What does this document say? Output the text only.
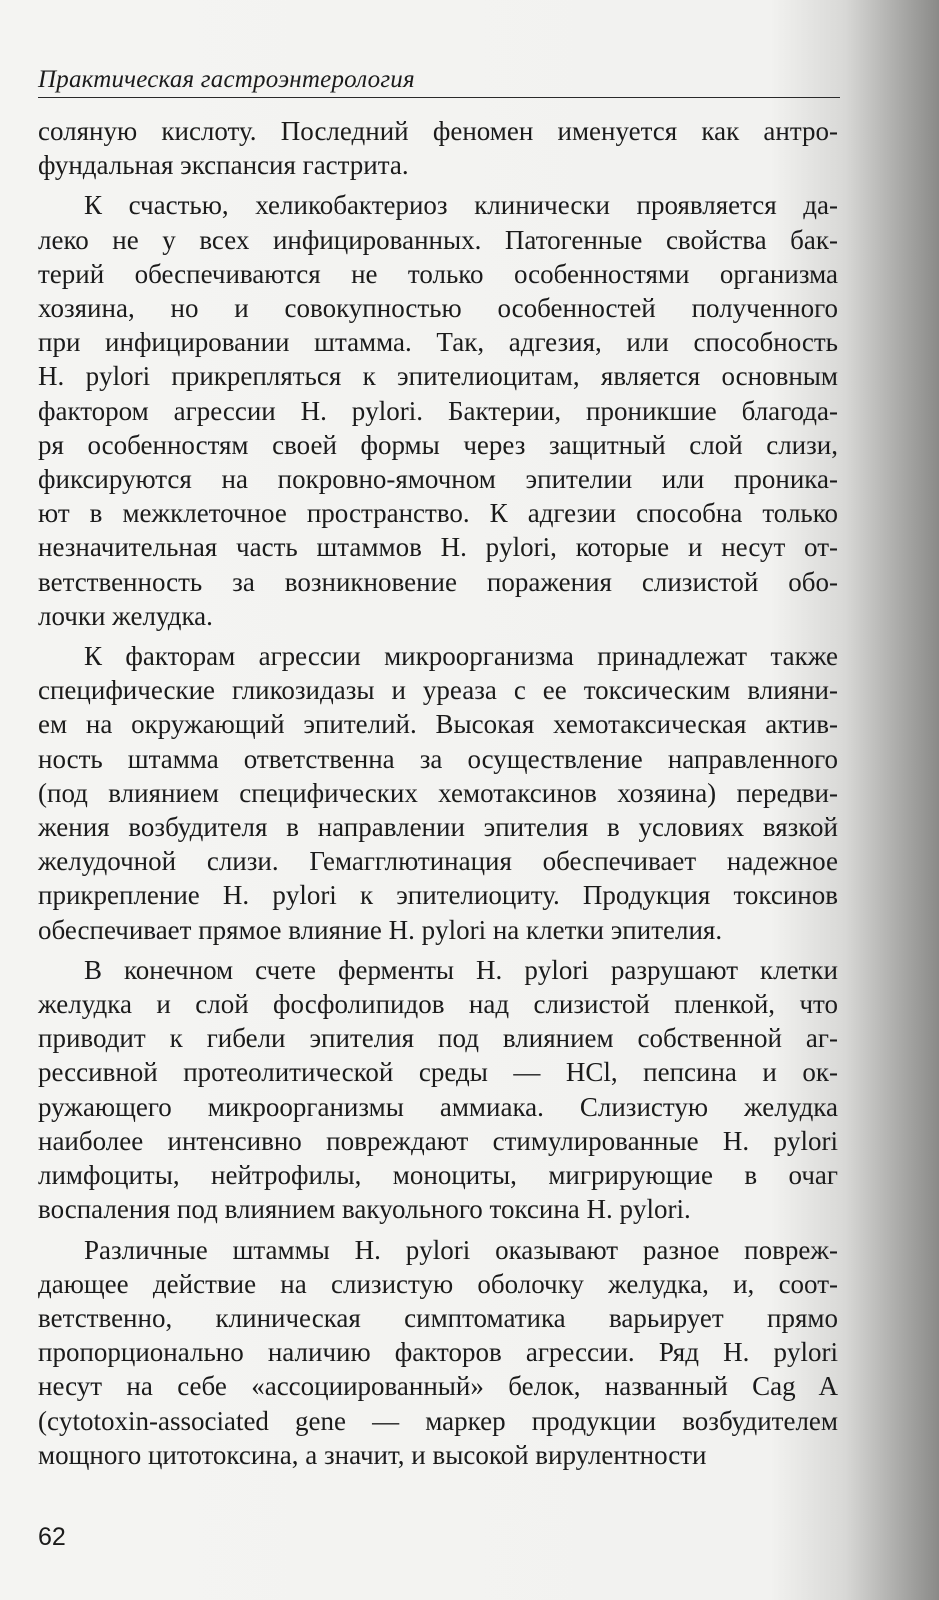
Практическая гастроэнтерология
соляную кислоту. Последний феномен именуется как антро-
фундальная экспансия гастрита.
К счастью, хеликобактериоз клинически проявляется да-
леко не у всех инфицированных. Патогенные свойства бак-
терий обеспечиваются не только особенностями организма
хозяина, но и совокупностью особенностей полученного
при инфицировании штамма. Так, адгезия, или способность
H. pylori прикрепляться к эпителиоцитам, является основным
фактором агрессии H. pylori. Бактерии, проникшие благода-
ря особенностям своей формы через защитный слой слизи,
фиксируются на покровно-ямочном эпителии или проника-
ют в межклеточное пространство. К адгезии способна только
незначительная часть штаммов H. pylori, которые и несут от-
ветственность за возникновение поражения слизистой обо-
лочки желудка.
К факторам агрессии микроорганизма принадлежат также
специфические гликозидазы и уреаза с ее токсическим влияни-
ем на окружающий эпителий. Высокая хемотаксическая актив-
ность штамма ответственна за осуществление направленного
(под влиянием специфических хемотаксинов хозяина) передви-
жения возбудителя в направлении эпителия в условиях вязкой
желудочной слизи. Гемагглютинация обеспечивает надежное
прикрепление H. pylori к эпителиоциту. Продукция токсинов
обеспечивает прямое влияние H. pylori на клетки эпителия.
В конечном счете ферменты H. pylori разрушают клетки
желудка и слой фосфолипидов над слизистой пленкой, что
приводит к гибели эпителия под влиянием собственной аг-
рессивной протеолитической среды — HCl, пепсина и ок-
ружающего микроорганизмы аммиака. Слизистую желудка
наиболее интенсивно повреждают стимулированные H. pylori
лимфоциты, нейтрофилы, моноциты, мигрирующие в очаг
воспаления под влиянием вакуольного токсина H. pylori.
Различные штаммы H. pylori оказывают разное повреж-
дающее действие на слизистую оболочку желудка, и, соот-
ветственно, клиническая симптоматика варьирует прямо
пропорционально наличию факторов агрессии. Ряд H. pylori
несут на себе «ассоциированный» белок, названный Cag A
(cytotoxin-associated gene — маркер продукции возбудителем
мощного цитотоксина, а значит, и высокой вирулентности
62
